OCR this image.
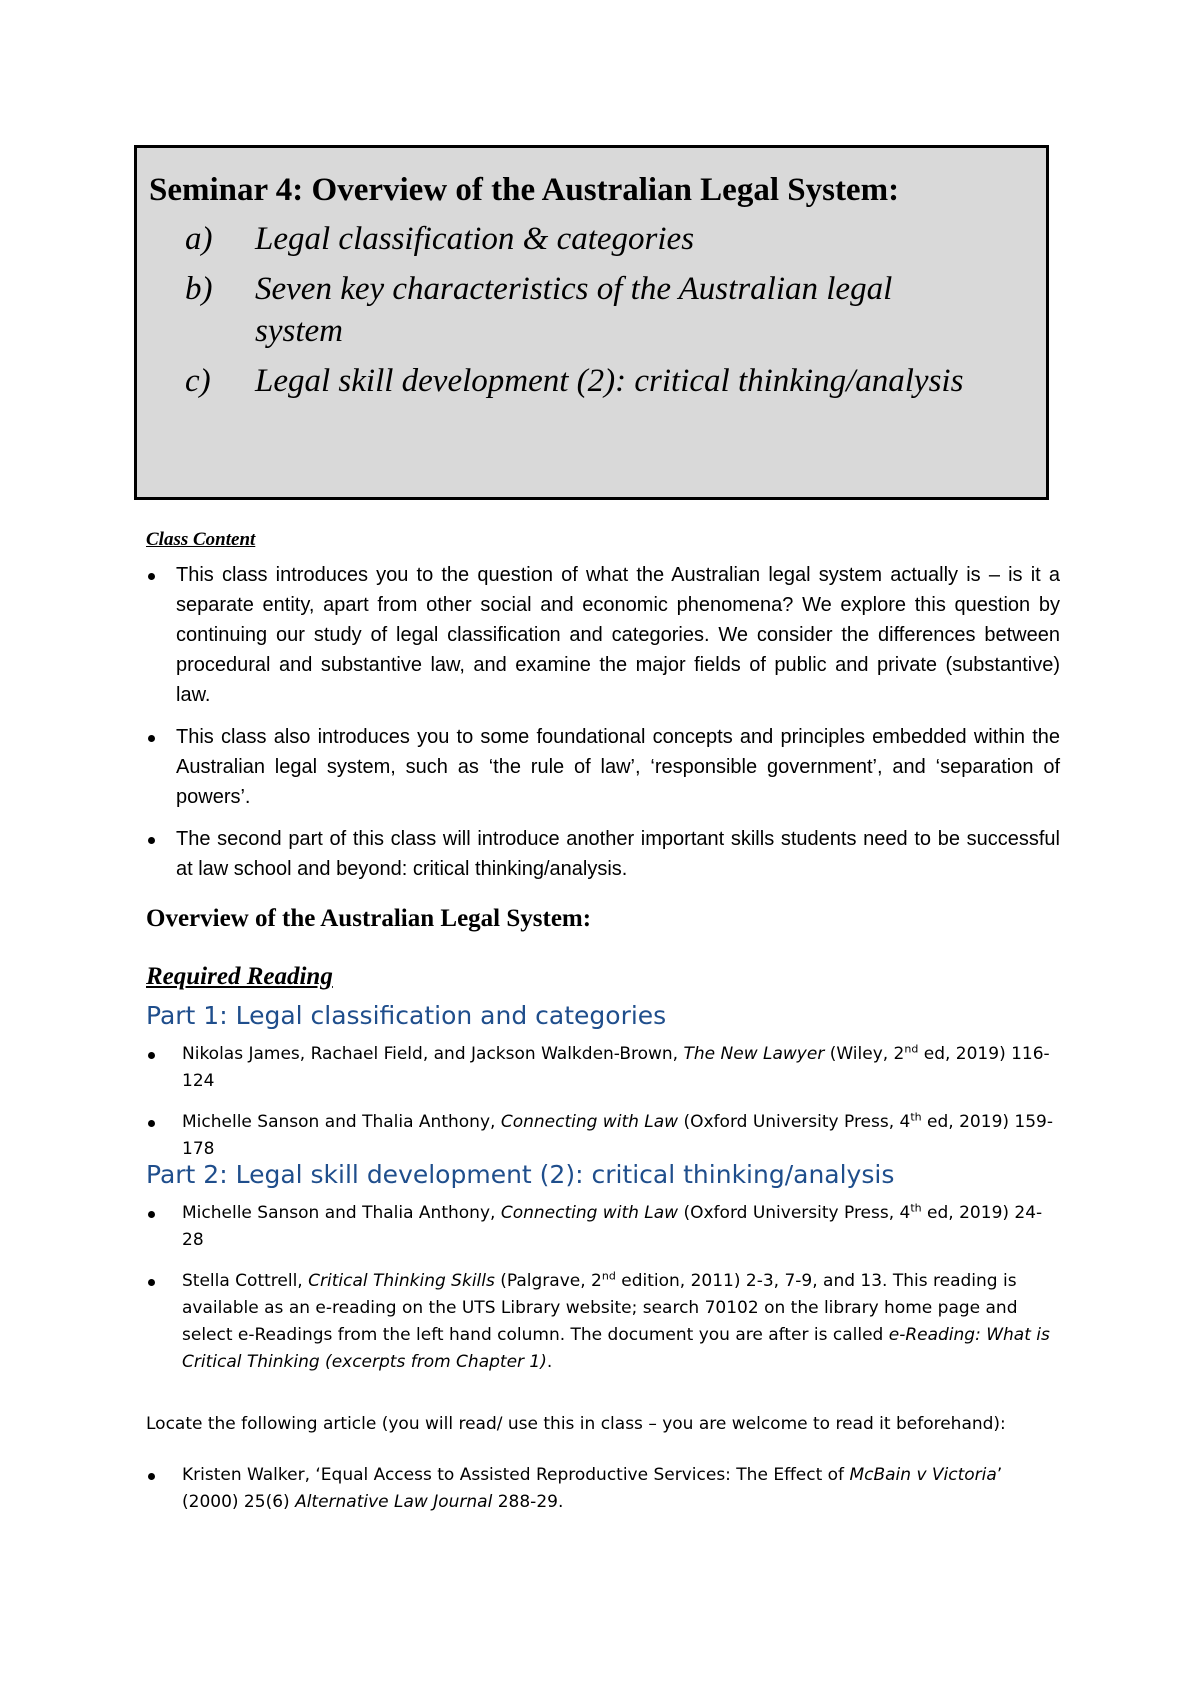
Seminar 4: Overview of the Australian Legal System:

a)	Legal classification & categories
b)	Seven key characteristics of the Australian legal system
c)	Legal skill development (2): critical thinking/analysis

Class Content

This class introduces you to the question of what the Australian legal system actually is – is it a separate entity, apart from other social and economic phenomena? We explore this question by continuing our study of legal classification and categories. We consider the differences between procedural and substantive law, and examine the major fields of public and private (substantive) law.
This class also introduces you to some foundational concepts and principles embedded within the Australian legal system, such as ‘the rule of law’, ‘responsible government’, and ‘separation of powers’.
The second part of this class will introduce another important skills students need to be successful at law school and beyond: critical thinking/analysis.
Overview of the Australian Legal System:
Required Reading
Part 1: Legal classification and categories
Nikolas James, Rachael Field, and Jackson Walkden-Brown, The New Lawyer (Wiley, 2nd ed, 2019) 116-124
Michelle Sanson and Thalia Anthony, Connecting with Law (Oxford University Press, 4th ed, 2019) 159-178
Part 2: Legal skill development (2): critical thinking/analysis
Michelle Sanson and Thalia Anthony, Connecting with Law (Oxford University Press, 4th ed, 2019) 24-28
Stella Cottrell, Critical Thinking Skills (Palgrave, 2nd edition, 2011) 2-3, 7-9, and 13. This reading is available as an e-reading on the UTS Library website; search 70102 on the library home page and select e-Readings from the left hand column. The document you are after is called e-Reading: What is Critical Thinking (excerpts from Chapter 1).

Locate the following article (you will read/ use this in class – you are welcome to read it beforehand):

Kristen Walker, ‘Equal Access to Assisted Reproductive Services: The Effect of McBain v Victoria’ (2000) 25(6) Alternative Law Journal 288-29.
